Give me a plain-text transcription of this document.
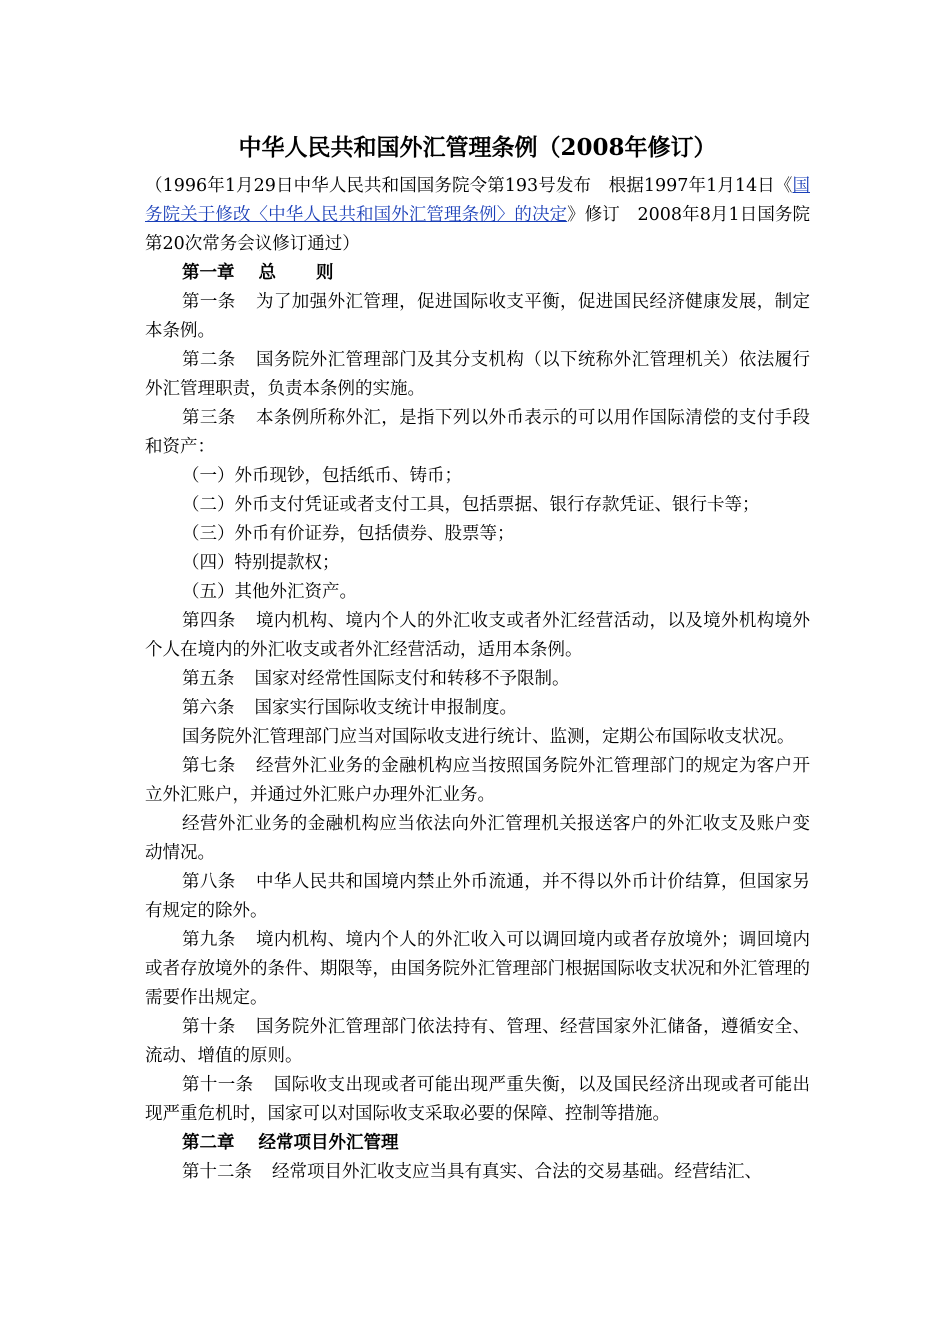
中华人民共和国外汇管理条例（2008年修订）

（1996年1月29日中华人民共和国国务院令第193号发布　根据1997年1月14日《国务院关于修改〈中华人民共和国外汇管理条例〉的决定》修订　2008年8月1日国务院第20次常务会议修订通过）

第一章 总 则

第一条 为了加强外汇管理，促进国际收支平衡，促进国民经济健康发展，制定本条例。

第二条 国务院外汇管理部门及其分支机构（以下统称外汇管理机关）依法履行外汇管理职责，负责本条例的实施。

第三条 本条例所称外汇，是指下列以外币表示的可以用作国际清偿的支付手段和资产：

（一）外币现钞，包括纸币、铸币；

（二）外币支付凭证或者支付工具，包括票据、银行存款凭证、银行卡等；

（三）外币有价证券，包括债券、股票等；

（四）特别提款权；

（五）其他外汇资产。

第四条 境内机构、境内个人的外汇收支或者外汇经营活动，以及境外机构境外个人在境内的外汇收支或者外汇经营活动，适用本条例。

第五条 国家对经常性国际支付和转移不予限制。

第六条 国家实行国际收支统计申报制度。

国务院外汇管理部门应当对国际收支进行统计、监测，定期公布国际收支状况。

第七条 经营外汇业务的金融机构应当按照国务院外汇管理部门的规定为客户开立外汇账户，并通过外汇账户办理外汇业务。

经营外汇业务的金融机构应当依法向外汇管理机关报送客户的外汇收支及账户变动情况。

第八条 中华人民共和国境内禁止外币流通，并不得以外币计价结算，但国家另有规定的除外。

第九条 境内机构、境内个人的外汇收入可以调回境内或者存放境外；调回境内或者存放境外的条件、期限等，由国务院外汇管理部门根据国际收支状况和外汇管理的需要作出规定。

第十条 国务院外汇管理部门依法持有、管理、经营国家外汇储备，遵循安全、流动、增值的原则。

第十一条 国际收支出现或者可能出现严重失衡，以及国民经济出现或者可能出现严重危机时，国家可以对国际收支采取必要的保障、控制等措施。

第二章 经常项目外汇管理

第十二条 经常项目外汇收支应当具有真实、合法的交易基础。经营结汇、
